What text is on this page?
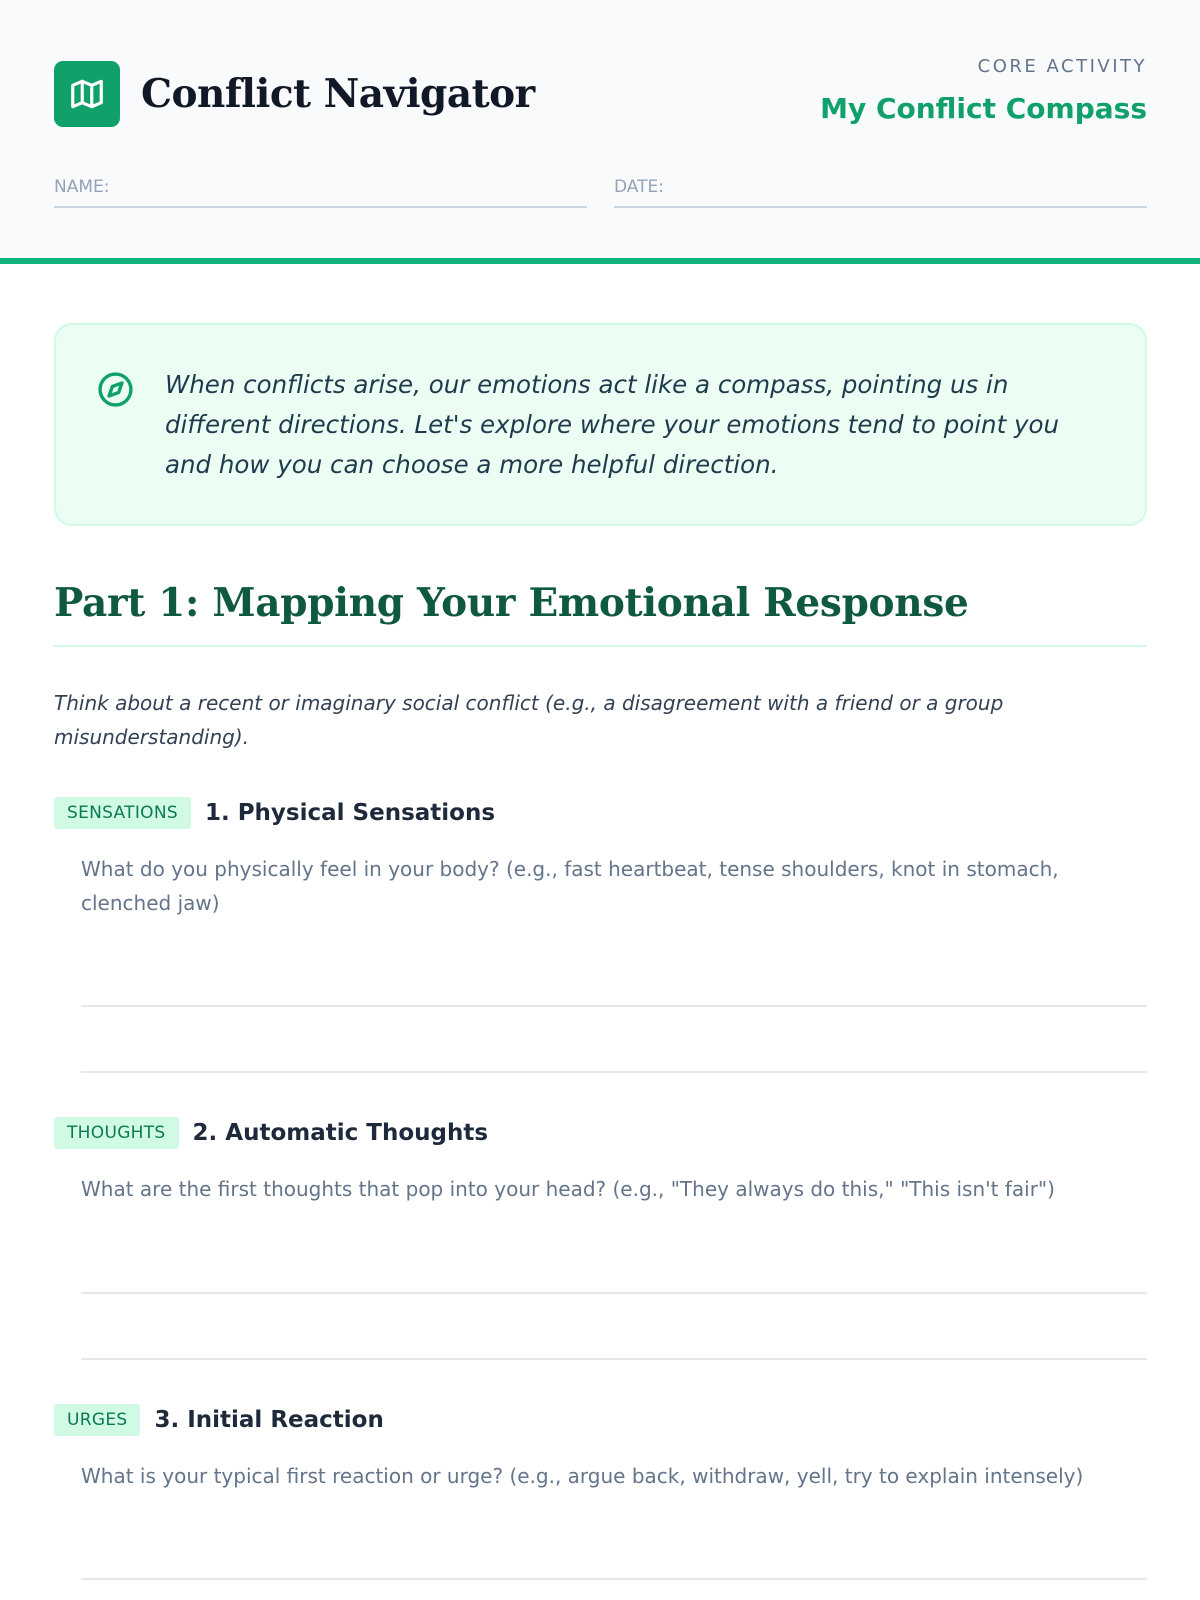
Conflict Navigator
CORE ACTIVITY
My Conflict Compass
NAME:	DATE:

When conflicts arise, our emotions act like a compass, pointing us in different directions. Let's explore where your emotions tend to point you and how you can choose a more helpful direction.

Part 1: Mapping Your Emotional Response

Think about a recent or imaginary social conflict (e.g., a disagreement with a friend or a group misunderstanding).

SENSATIONS	1. Physical Sensations

What do you physically feel in your body? (e.g., fast heartbeat, tense shoulders, knot in stomach, clenched jaw)

THOUGHTS	2. Automatic Thoughts

What are the first thoughts that pop into your head? (e.g., "They always do this," "This isn't fair")

URGES	3. Initial Reaction

What is your typical first reaction or urge? (e.g., argue back, withdraw, yell, try to explain intensely)
